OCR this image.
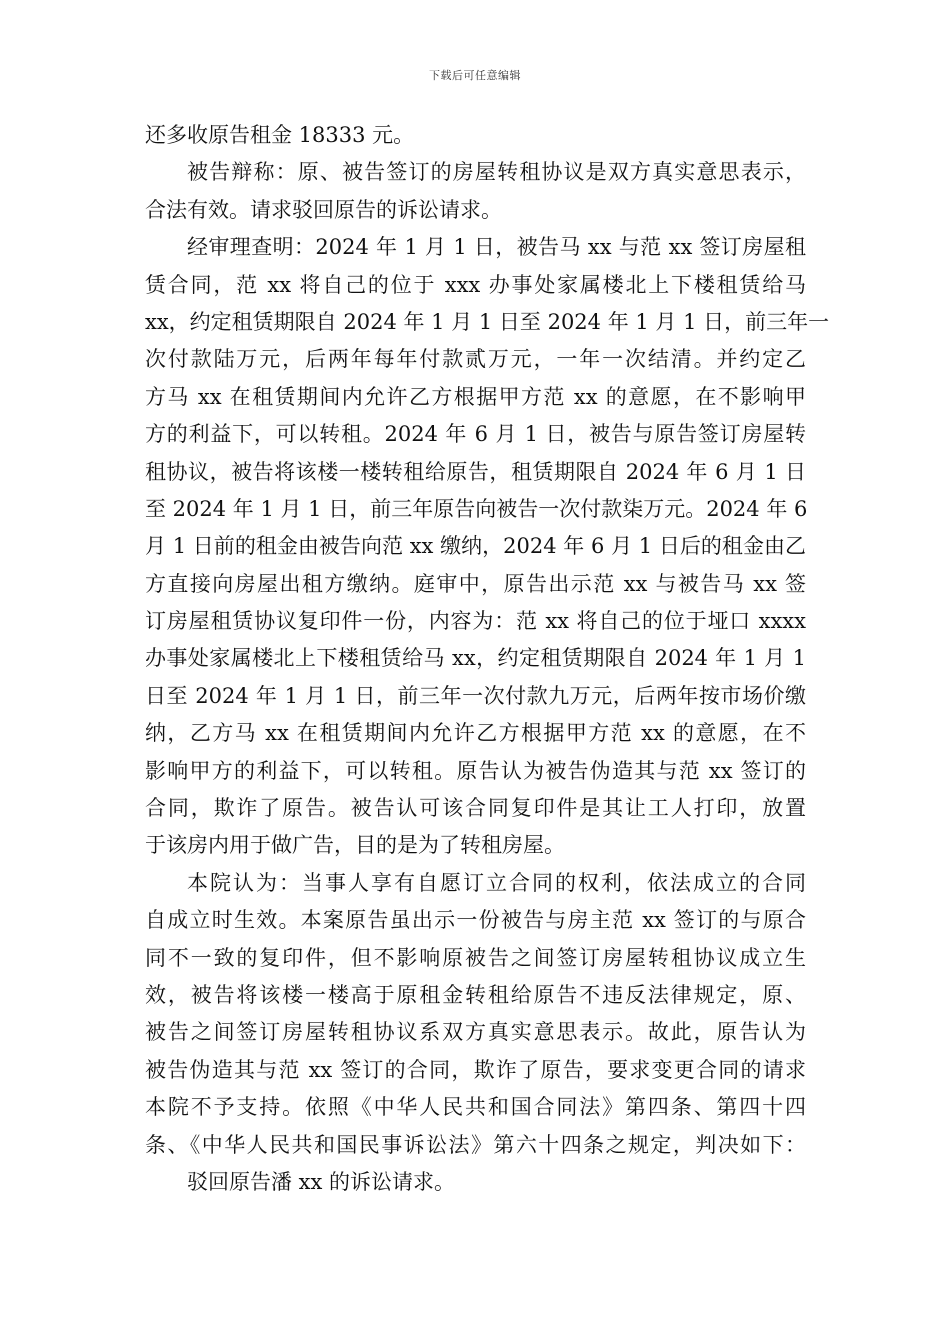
下载后可任意编辑
还多收原告租金 18333 元。
被告辩称：原、被告签订的房屋转租协议是双方真实意思表示，
合法有效。请求驳回原告的诉讼请求。
经审理查明：2024 年 1 月 1 日，被告马 xx 与范 xx 签订房屋租
赁合同，范 xx 将自己的位于 xxx 办事处家属楼北上下楼租赁给马
xx，约定租赁期限自 2024 年 1 月 1 日至 2024 年 1 月 1 日，前三年一
次付款陆万元，后两年每年付款贰万元，一年一次结清。并约定乙
方马 xx 在租赁期间内允许乙方根据甲方范 xx 的意愿，在不影响甲
方的利益下，可以转租。2024 年 6 月 1 日，被告与原告签订房屋转
租协议，被告将该楼一楼转租给原告，租赁期限自 2024 年 6 月 1 日
至 2024 年 1 月 1 日，前三年原告向被告一次付款柒万元。2024 年 6
月 1 日前的租金由被告向范 xx 缴纳，2024 年 6 月 1 日后的租金由乙
方直接向房屋出租方缴纳。庭审中，原告出示范 xx 与被告马 xx 签
订房屋租赁协议复印件一份，内容为：范 xx 将自己的位于垭口 xxxx
办事处家属楼北上下楼租赁给马 xx，约定租赁期限自 2024 年 1 月 1
日至 2024 年 1 月 1 日，前三年一次付款九万元，后两年按市场价缴
纳，乙方马 xx 在租赁期间内允许乙方根据甲方范 xx 的意愿，在不
影响甲方的利益下，可以转租。原告认为被告伪造其与范 xx 签订的
合同，欺诈了原告。被告认可该合同复印件是其让工人打印，放置
于该房内用于做广告，目的是为了转租房屋。
本院认为：当事人享有自愿订立合同的权利，依法成立的合同
自成立时生效。本案原告虽出示一份被告与房主范 xx 签订的与原合
同不一致的复印件，但不影响原被告之间签订房屋转租协议成立生
效，被告将该楼一楼高于原租金转租给原告不违反法律规定，原、
被告之间签订房屋转租协议系双方真实意思表示。故此，原告认为
被告伪造其与范 xx 签订的合同，欺诈了原告，要求变更合同的请求
本院不予支持。依照《中华人民共和国合同法》第四条、第四十四
条、《中华人民共和国民事诉讼法》第六十四条之规定，判决如下：
驳回原告潘 xx 的诉讼请求。
